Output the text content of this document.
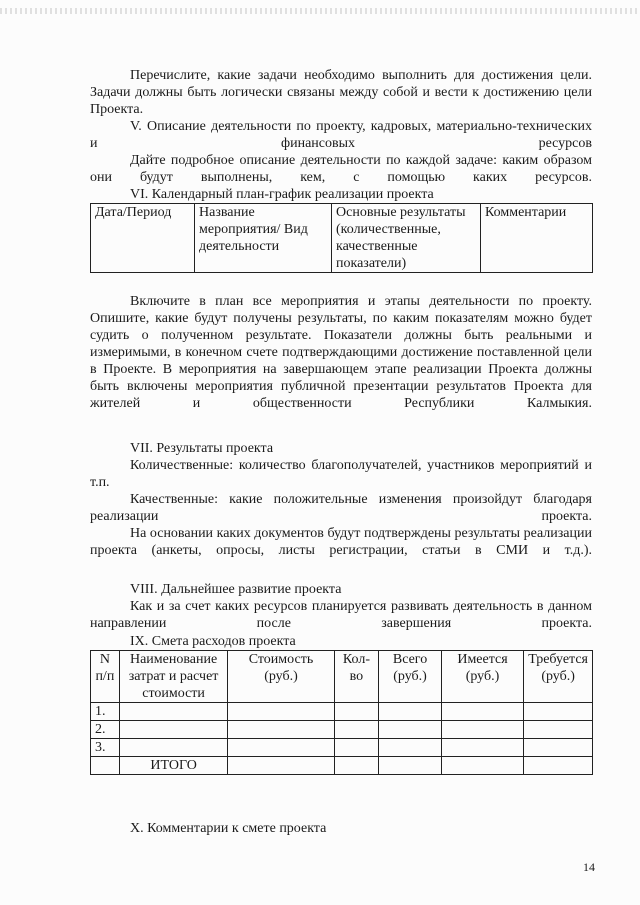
Перечислите, какие задачи необходимо выполнить для достижения цели. Задачи должны быть логически связаны между собой и вести к достижению цели Проекта.

V. Описание деятельности по проекту, кадровых, материально-технических и финансовых ресурсов

Дайте подробное описание деятельности по каждой задаче: каким образом они будут выполнены, кем, с помощью каких ресурсов.

VI. Календарный план-график реализации проекта

Дата/Период	Название мероприятия/ Вид деятельности	Основные результаты (количественные, качественные показатели)	Комментарии

Включите в план все мероприятия и этапы деятельности по проекту. Опишите, какие будут получены результаты, по каким показателям можно будет судить о полученном результате. Показатели должны быть реальными и измеримыми, в конечном счете подтверждающими достижение поставленной цели в Проекте. В мероприятия на завершающем этапе реализации Проекта должны быть включены мероприятия публичной презентации результатов Проекта для жителей и общественности Республики Калмыкия.

VII. Результаты проекта

Количественные: количество благополучателей, участников мероприятий и т.п.

Качественные: какие положительные изменения произойдут благодаря реализации проекта.

На основании каких документов будут подтверждены результаты реализации проекта (анкеты, опросы, листы регистрации, статьи в СМИ и т.д.).

VIII. Дальнейшее развитие проекта

Как и за счет каких ресурсов планируется развивать деятельность в данном направлении после завершения проекта.

IX. Смета расходов проекта

N п/п	Наименование затрат и расчет стоимости	Стоимость (руб.)	Кол-во	Всего (руб.)	Имеется (руб.)	Требуется (руб.)
1.						
2.						
3.						
	ИТОГО					

X. Комментарии к смете проекта

14
